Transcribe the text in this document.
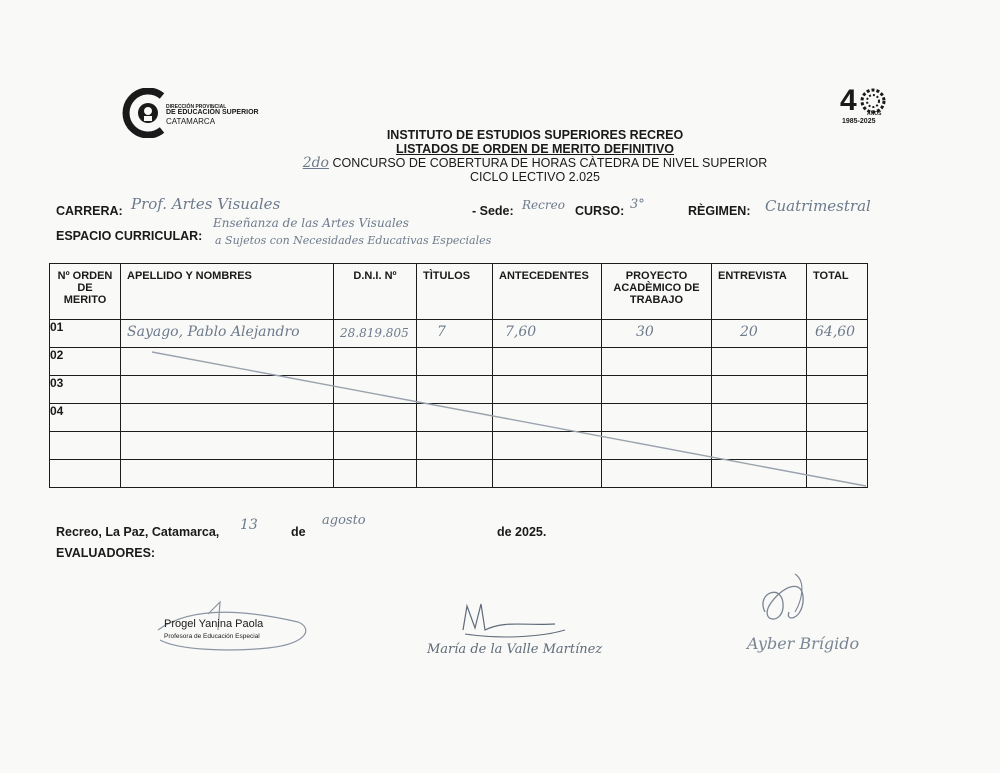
DIRECCIÓN PROVINCIAL
DE EDUCACIÓN SUPERIOR
CATAMARCA
4 AÑOS
1985-2025
INSTITUTO DE ESTUDIOS SUPERIORES RECREO
LISTADOS DE ORDEN DE MERITO DEFINITIVO
2do CONCURSO DE COBERTURA DE HORAS CÀTEDRA DE NIVEL SUPERIOR
CICLO LECTIVO 2.025
CARRERA: Prof. Artes Visuales	- Sede: Recreo CURSO: 3°	RÈGIMEN: Cuatrimestral
ESPACIO CURRICULAR:
Enseñanza de las Artes Visuales
a Sujetos con Necesidades Educativas Especiales
Nº ORDEN DE MERITO	APELLIDO Y NOMBRES	D.N.I. Nº	TÌTULOS	ANTECEDENTES	PROYECTO ACADÈMICO DE TRABAJO	ENTREVISTA	TOTAL
01	Sayago, Pablo Alejandro	28.819.805	7	7,60	30	20	64,60

02							
03							
04							

Recreo, La Paz, Catamarca, 13	de
agosto
de 2025.
EVALUADORES:
Progel Yanina Paola
Profesora de Educación Especial
María de la Valle Martínez	Ayber Brígido
